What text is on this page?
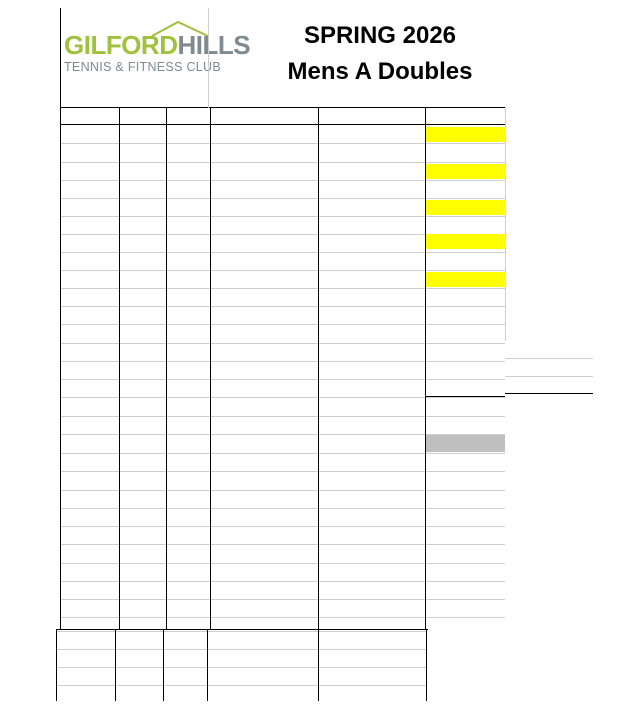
GILFORDHILLS
TENNIS & FITNESS CLUB
SPRING 2026
Mens A Doubles
